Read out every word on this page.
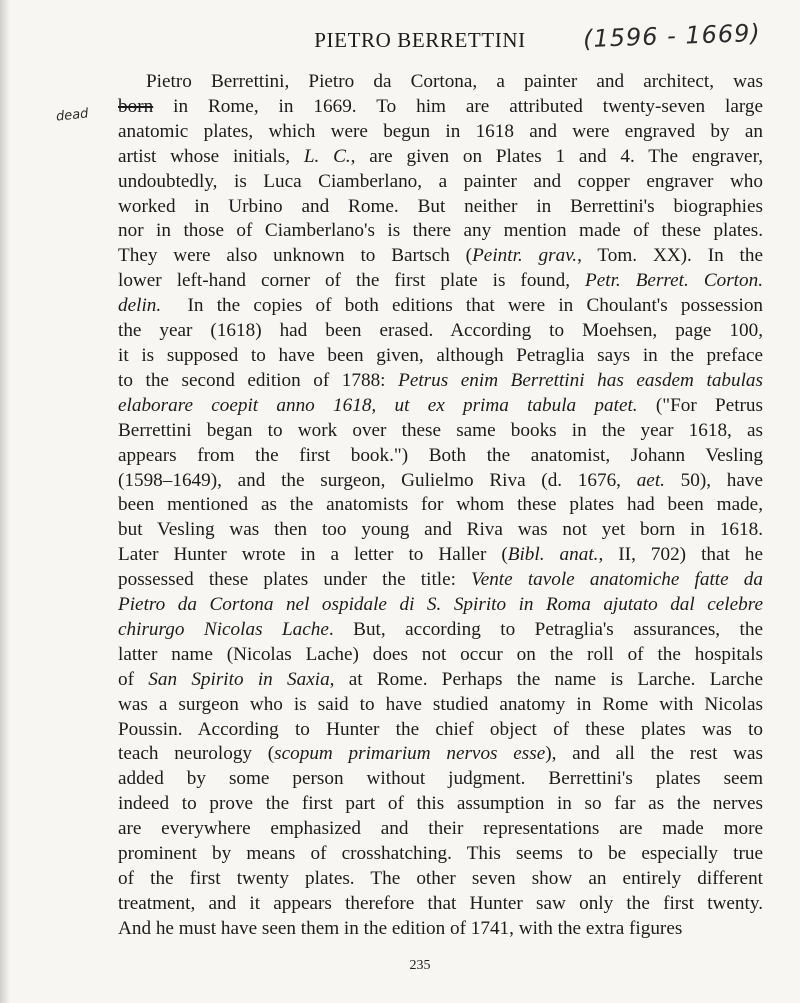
PIETRO BERRETTINI	(1596 - 1669)
dead
Pietro Berrettini, Pietro da Cortona, a painter and architect, was
born in Rome, in 1669. To him are attributed twenty-seven large
anatomic plates, which were begun in 1618 and were engraved by an
artist whose initials, L. C., are given on Plates 1 and 4. The engraver,
undoubtedly, is Luca Ciamberlano, a painter and copper engraver who
worked in Urbino and Rome. But neither in Berrettini's biographies
nor in those of Ciamberlano's is there any mention made of these plates.
They were also unknown to Bartsch (Peintr. grav., Tom. XX). In the
lower left-hand corner of the first plate is found, Petr. Berret. Corton.
delin. In the copies of both editions that were in Choulant's possession
the year (1618) had been erased. According to Moehsen, page 100,
it is supposed to have been given, although Petraglia says in the preface
to the second edition of 1788: Petrus enim Berrettini has easdem tabulas
elaborare coepit anno 1618, ut ex prima tabula patet. ("For Petrus
Berrettini began to work over these same books in the year 1618, as
appears from the first book.") Both the anatomist, Johann Vesling
(1598–1649), and the surgeon, Gulielmo Riva (d. 1676, aet. 50), have
been mentioned as the anatomists for whom these plates had been made,
but Vesling was then too young and Riva was not yet born in 1618.
Later Hunter wrote in a letter to Haller (Bibl. anat., II, 702) that he
possessed these plates under the title: Vente tavole anatomiche fatte da
Pietro da Cortona nel ospidale di S. Spirito in Roma ajutato dal celebre
chirurgo Nicolas Lache. But, according to Petraglia's assurances, the
latter name (Nicolas Lache) does not occur on the roll of the hospitals
of San Spirito in Saxia, at Rome. Perhaps the name is Larche. Larche
was a surgeon who is said to have studied anatomy in Rome with Nicolas
Poussin. According to Hunter the chief object of these plates was to
teach neurology (scopum primarium nervos esse), and all the rest was
added by some person without judgment. Berrettini's plates seem
indeed to prove the first part of this assumption in so far as the nerves
are everywhere emphasized and their representations are made more
prominent by means of crosshatching. This seems to be especially true
of the first twenty plates. The other seven show an entirely different
treatment, and it appears therefore that Hunter saw only the first twenty.
And he must have seen them in the edition of 1741, with the extra figures
235
